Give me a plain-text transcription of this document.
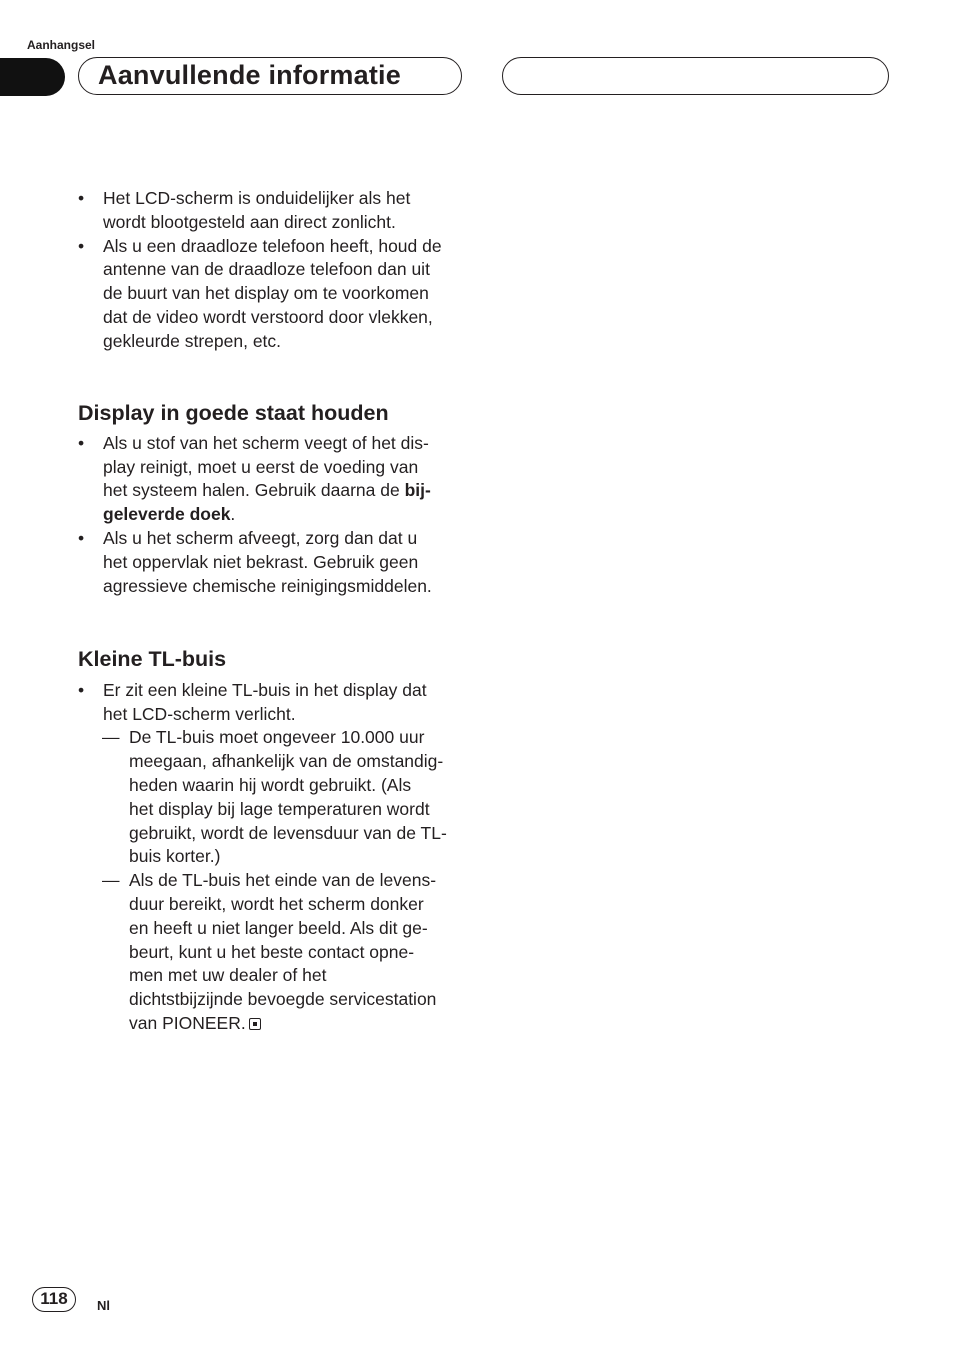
Aanhangsel
Aanvullende informatie

• Het LCD-scherm is onduidelijker als het
wordt blootgesteld aan direct zonlicht.

• Als u een draadloze telefoon heeft, houd de
antenne van de draadloze telefoon dan uit
de buurt van het display om te voorkomen
dat de video wordt verstoord door vlekken,
gekleurde strepen, etc.

Display in goede staat houden

• Als u stof van het scherm veegt of het dis-
play reinigt, moet u eerst de voeding van
het systeem halen. Gebruik daarna de bij-
geleverde doek.

• Als u het scherm afveegt, zorg dan dat u
het oppervlak niet bekrast. Gebruik geen
agressieve chemische reinigingsmiddelen.

Kleine TL-buis

• Er zit een kleine TL-buis in het display dat
het LCD-scherm verlicht.

— De TL-buis moet ongeveer 10.000 uur
meegaan, afhankelijk van de omstandig-
heden waarin hij wordt gebruikt. (Als
het display bij lage temperaturen wordt
gebruikt, wordt de levensduur van de TL-
buis korter.)

— Als de TL-buis het einde van de levens-
duur bereikt, wordt het scherm donker
en heeft u niet langer beeld. Als dit ge-
beurt, kunt u het beste contact opne-
men met uw dealer of het
dichtstbijzijnde bevoegde servicestation
van PIONEER.

118	Nl
